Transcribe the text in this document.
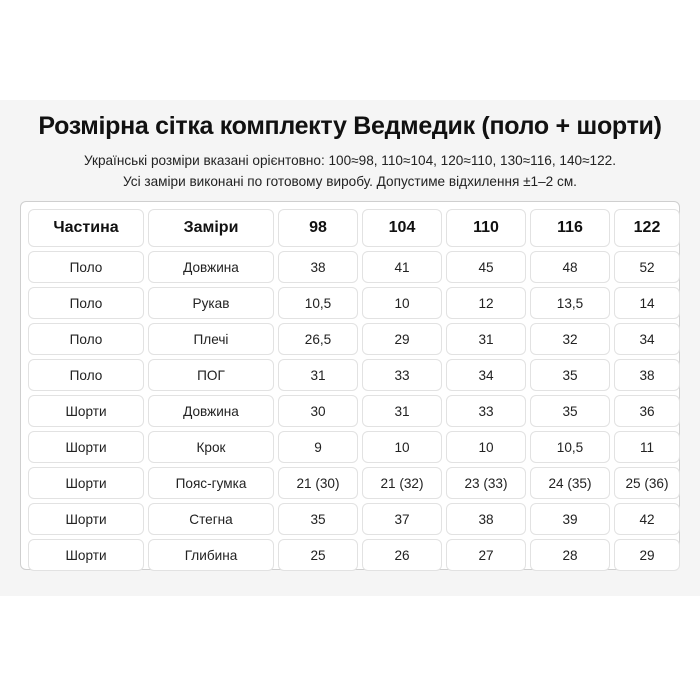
Розмірна сітка комплекту Ведмедик (поло + шорти)
Українські розміри вказані орієнтовно: 100≈98, 110≈104, 120≈110, 130≈116, 140≈122.
Усі заміри виконані по готовому виробу. Допустиме відхилення ±1–2 см.
Частина	Заміри	98	104	110	116	122
Поло	Довжина	38	41	45	48	52
Поло	Рукав	10,5	10	12	13,5	14
Поло	Плечі	26,5	29	31	32	34
Поло	ПОГ	31	33	34	35	38
Шорти	Довжина	30	31	33	35	36
Шорти	Крок	9	10	10	10,5	11
Шорти	Пояс-гумка	21 (30)	21 (32)	23 (33)	24 (35)	25 (36)
Шорти	Стегна	35	37	38	39	42
Шорти	Глибина	25	26	27	28	29
